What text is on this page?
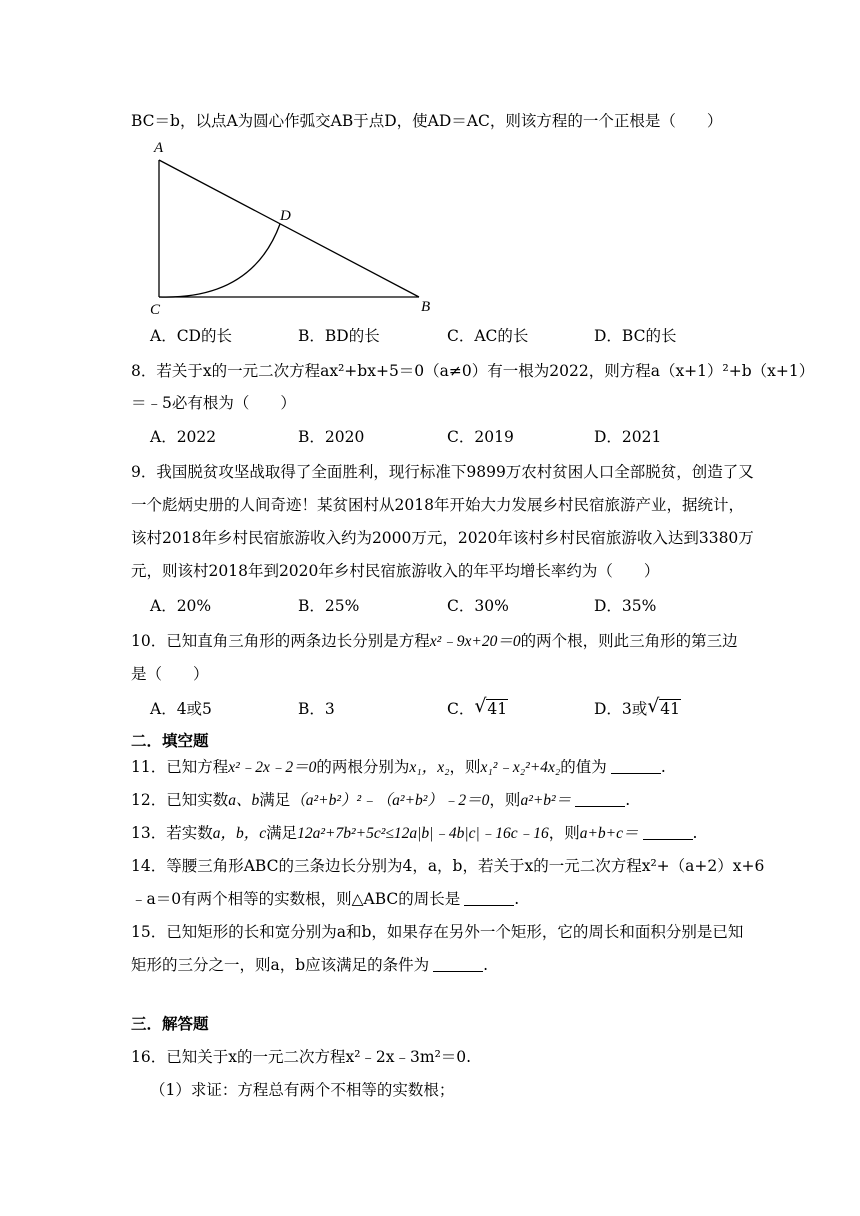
BC＝b，以点A为圆心作弧交AB于点D，使AD＝AC，则该方程的一个正根是（　　）
A
B
C
D
A．CD的长	B．BD的长	C．AC的长	D．BC的长
8．若关于x的一元二次方程ax²+bx+5＝0（a≠0）有一根为2022，则方程a（x+1）²+b（x+1）
＝﹣5必有根为（　　）
A．2022	B．2020	C．2019	D．2021
9．我国脱贫攻坚战取得了全面胜利，现行标准下9899万农村贫困人口全部脱贫，创造了又
一个彪炳史册的人间奇迹！某贫困村从2018年开始大力发展乡村民宿旅游产业，据统计，
该村2018年乡村民宿旅游收入约为2000万元，2020年该村乡村民宿旅游收入达到3380万
元，则该村2018年到2020年乡村民宿旅游收入的年平均增长率约为（　　）
A．20%	B．25%	C．30%	D．35%
10．已知直角三角形的两条边长分别是方程x²﹣9x+20＝0的两个根，则此三角形的第三边
是（　　）
A．4或5	B．3	C． √ 41	D．3或 √ 41
二．填空题
11．已知方程x²﹣2x﹣2＝0的两根分别为x₁，x₂，则x₁²﹣x₂²+4x₂的值为	.
12．已知实数a、b满足（a²+b²）²﹣（a²+b²）﹣2＝0，则a²+b²＝	.
13．若实数a，b，c满足12a²+7b²+5c²≤12a|b|﹣4b|c|﹣16c﹣16，则a+b+c＝	.
14．等腰三角形ABC的三条边长分别为4，a，b，若关于x的一元二次方程x²+（a+2）x+6
﹣a＝0有两个相等的实数根，则△ABC的周长是	.
15．已知矩形的长和宽分别为a和b，如果存在另外一个矩形，它的周长和面积分别是已知
矩形的三分之一，则a，b应该满足的条件为	.
三．解答题
16．已知关于x的一元二次方程x²﹣2x﹣3m²＝0.
（1）求证：方程总有两个不相等的实数根；
